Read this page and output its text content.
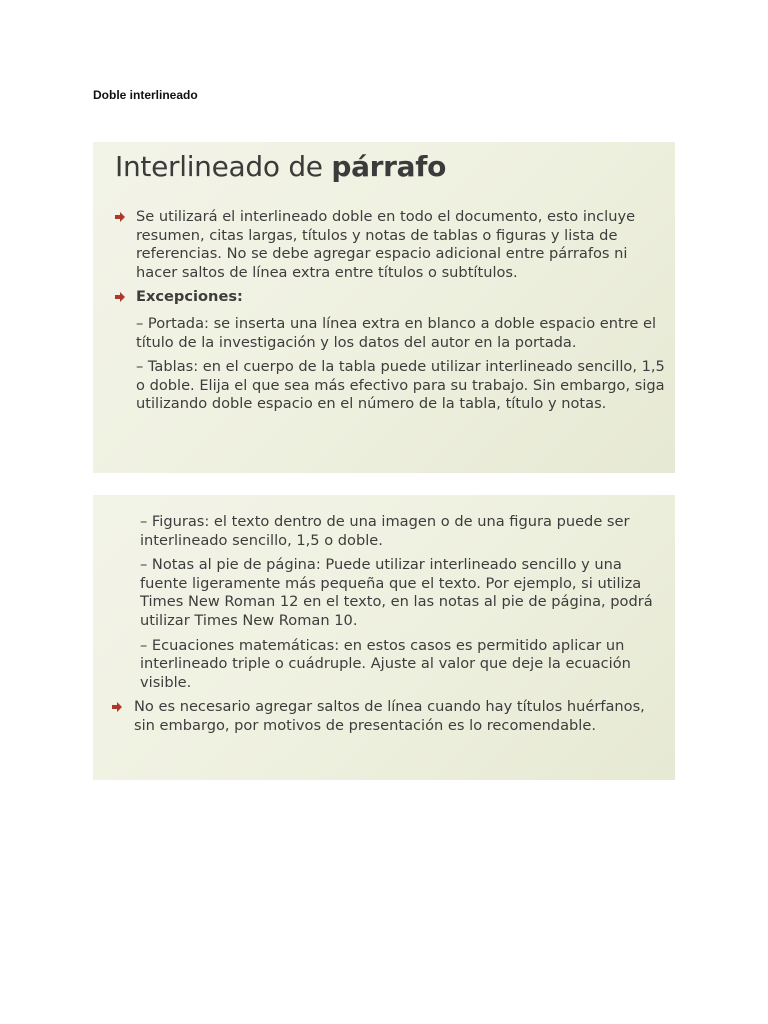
Doble interlineado
Interlineado de párrafo
Se utilizará el interlineado doble en todo el documento, esto incluye resumen, citas largas, títulos y notas de tablas o figuras y lista de referencias. No se debe agregar espacio adicional entre párrafos ni hacer saltos de línea extra entre títulos o subtítulos.
Excepciones:
– Portada: se inserta una línea extra en blanco a doble espacio entre el título de la investigación y los datos del autor en la portada.
– Tablas: en el cuerpo de la tabla puede utilizar interlineado sencillo, 1,5 o doble. Elija el que sea más efectivo para su trabajo. Sin embargo, siga utilizando doble espacio en el número de la tabla, título y notas.
– Figuras: el texto dentro de una imagen o de una figura puede ser interlineado sencillo, 1,5 o doble.
– Notas al pie de página: Puede utilizar interlineado sencillo y una fuente ligeramente más pequeña que el texto. Por ejemplo, si utiliza Times New Roman 12 en el texto, en las notas al pie de página, podrá utilizar Times New Roman 10.
– Ecuaciones matemáticas: en estos casos es permitido aplicar un interlineado triple o cuádruple. Ajuste al valor que deje la ecuación visible.
No es necesario agregar saltos de línea cuando hay títulos huérfanos, sin embargo, por motivos de presentación es lo recomendable.
